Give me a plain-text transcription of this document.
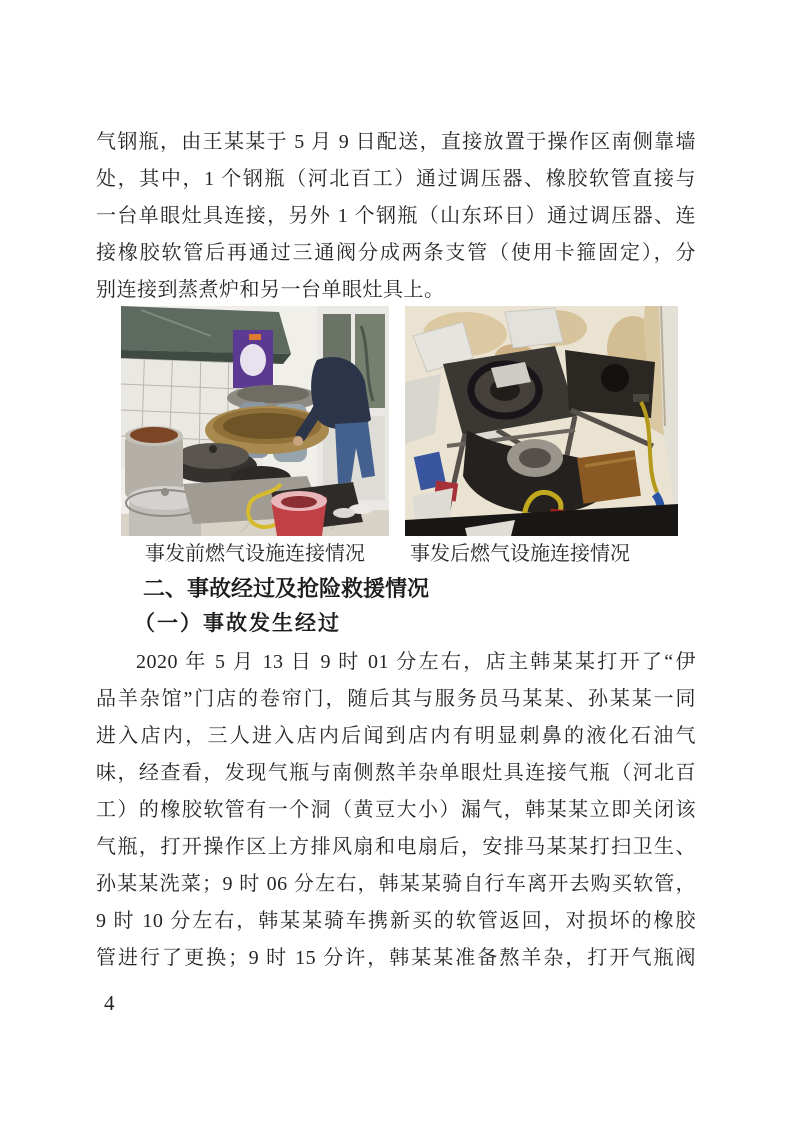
气钢瓶，由王某某于 5 月 9 日配送，直接放置于操作区南侧靠墙
处，其中，1 个钢瓶（河北百工）通过调压器、橡胶软管直接与
一台单眼灶具连接，另外 1 个钢瓶（山东环日）通过调压器、连
接橡胶软管后再通过三通阀分成两条支管（使用卡箍固定），分
别连接到蒸煮炉和另一台单眼灶具上。
事发前燃气设施连接情况	事发后燃气设施连接情况
二、事故经过及抢险救援情况
（一）事故发生经过
2020 年 5 月 13 日 9 时 01 分左右，店主韩某某打开了“伊
品羊杂馆”门店的卷帘门，随后其与服务员马某某、孙某某一同
进入店内，三人进入店内后闻到店内有明显刺鼻的液化石油气
味，经查看，发现气瓶与南侧熬羊杂单眼灶具连接气瓶（河北百
工）的橡胶软管有一个洞（黄豆大小）漏气，韩某某立即关闭该
气瓶，打开操作区上方排风扇和电扇后，安排马某某打扫卫生、
孙某某洗菜；9 时 06 分左右，韩某某骑自行车离开去购买软管，
9 时 10 分左右，韩某某骑车携新买的软管返回，对损坏的橡胶
管进行了更换；9 时 15 分许，韩某某准备熬羊杂，打开气瓶阀
4
